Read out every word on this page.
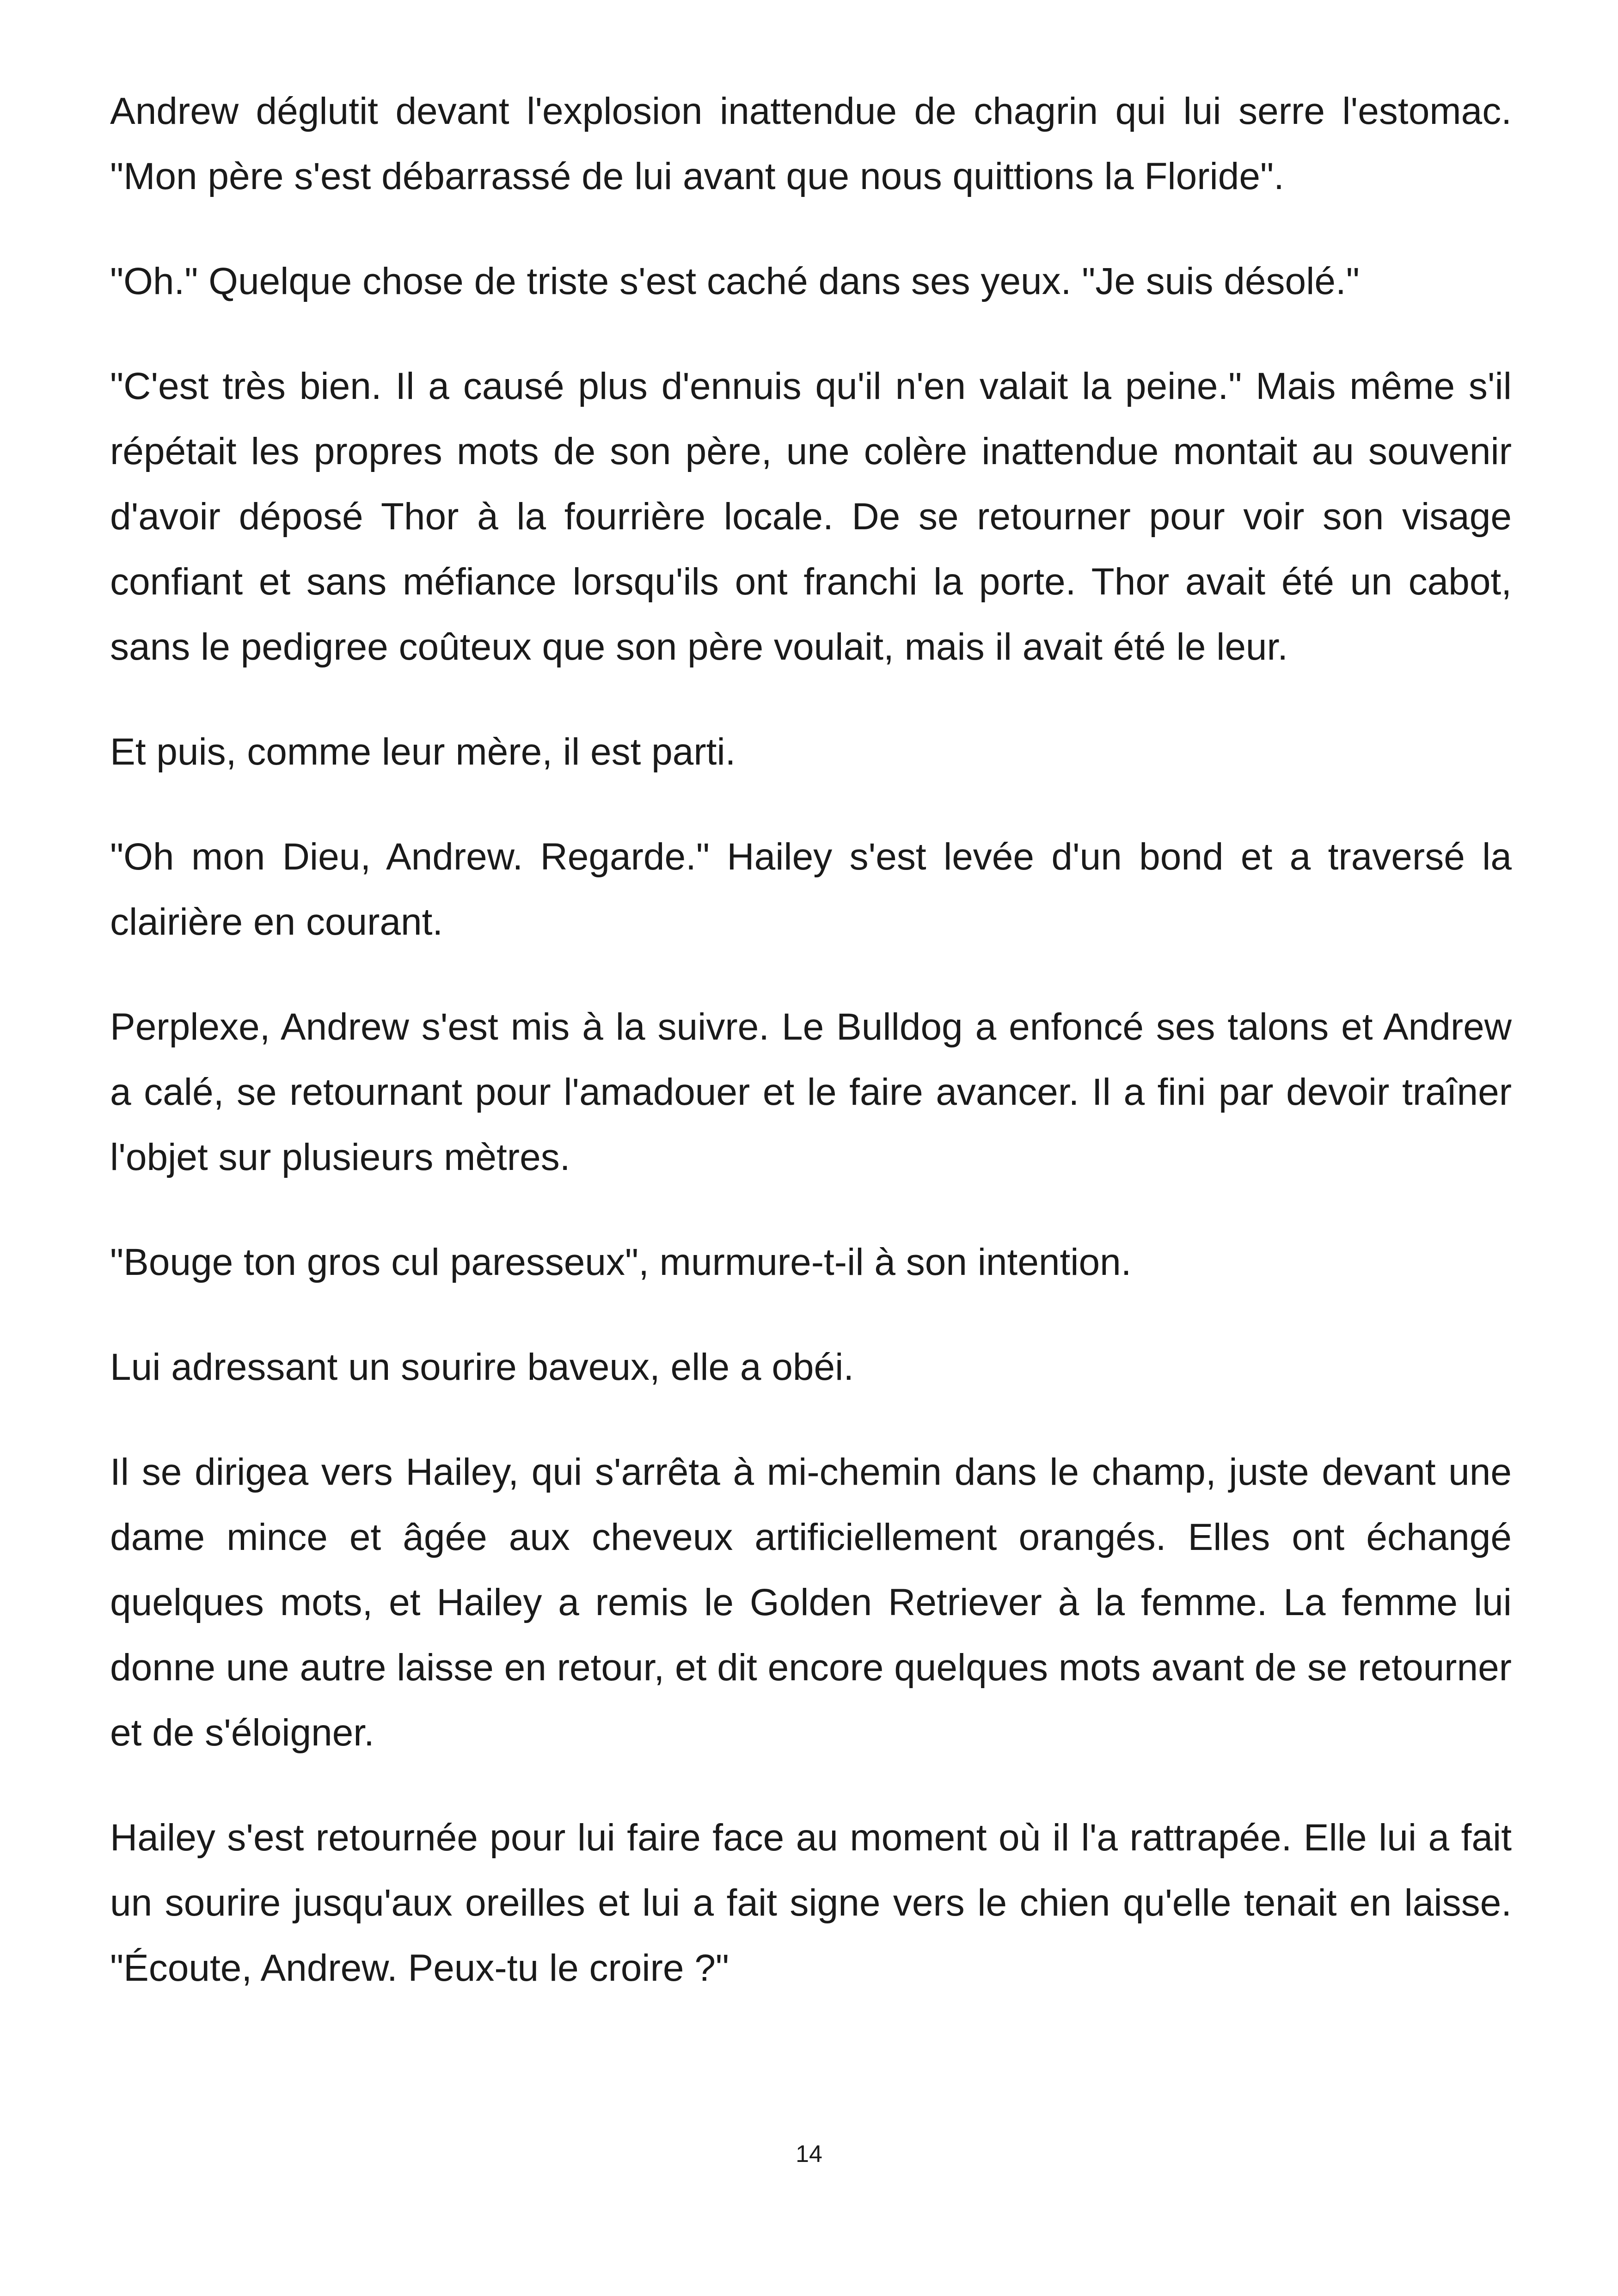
Andrew déglutit devant l'explosion inattendue de chagrin qui lui serre l'estomac. "Mon père s'est débarrassé de lui avant que nous quittions la Floride".

"Oh." Quelque chose de triste s'est caché dans ses yeux. "Je suis désolé."

"C'est très bien. Il a causé plus d'ennuis qu'il n'en valait la peine." Mais même s'il répétait les propres mots de son père, une colère inattendue montait au souvenir d'avoir déposé Thor à la fourrière locale. De se retourner pour voir son visage confiant et sans méfiance lorsqu'ils ont franchi la porte. Thor avait été un cabot, sans le pedigree coûteux que son père voulait, mais il avait été le leur.

Et puis, comme leur mère, il est parti.

"Oh mon Dieu, Andrew. Regarde." Hailey s'est levée d'un bond et a traversé la clairière en courant.

Perplexe, Andrew s'est mis à la suivre. Le Bulldog a enfoncé ses talons et Andrew a calé, se retournant pour l'amadouer et le faire avancer. Il a fini par devoir traîner l'objet sur plusieurs mètres.

"Bouge ton gros cul paresseux", murmure-t-il à son intention.

Lui adressant un sourire baveux, elle a obéi.

Il se dirigea vers Hailey, qui s'arrêta à mi-chemin dans le champ, juste devant une dame mince et âgée aux cheveux artificiellement orangés. Elles ont échangé quelques mots, et Hailey a remis le Golden Retriever à la femme. La femme lui donne une autre laisse en retour, et dit encore quelques mots avant de se retourner et de s'éloigner.

Hailey s'est retournée pour lui faire face au moment où il l'a rattrapée. Elle lui a fait un sourire jusqu'aux oreilles et lui a fait signe vers le chien qu'elle tenait en laisse. "Écoute, Andrew. Peux-tu le croire ?"

14
